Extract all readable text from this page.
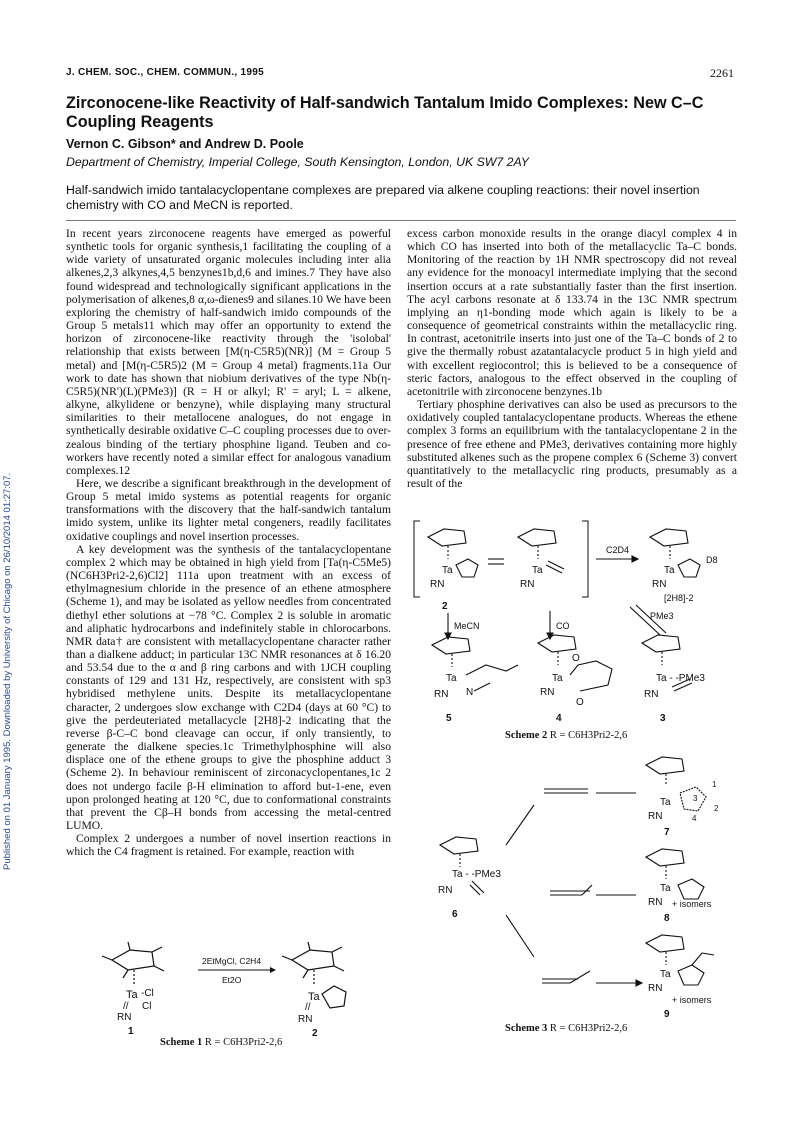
Published on 01 January 1995. Downloaded by University of Chicago on 26/10/2014 01:27:07.
J. CHEM. SOC., CHEM. COMMUN., 1995	2261
Zirconocene-like Reactivity of Half-sandwich Tantalum Imido Complexes: New C–C Coupling Reagents
Vernon C. Gibson* and Andrew D. Poole
Department of Chemistry, Imperial College, South Kensington, London, UK SW7 2AY
Half-sandwich imido tantalacyclopentane complexes are prepared via alkene coupling reactions: their novel insertion chemistry with CO and MeCN is reported.

In recent years zirconocene reagents have emerged as powerful synthetic tools for organic synthesis,1 facilitating the coupling of a wide variety of unsaturated organic molecules including inter alia alkenes,2,3 alkynes,4,5 benzynes1b,d,6 and imines.7 They have also found widespread and technologically significant applications in the polymerisation of alkenes,8 α,ω-dienes9 and silanes.10 We have been exploring the chemistry of half-sandwich imido compounds of the Group 5 metals11 which may offer an opportunity to extend the horizon of zirconocene-like reactivity through the 'isolobal' relationship that exists between [M(η-C5R5)(NR)] (M = Group 5 metal) and [M(η-C5R5)2 (M = Group 4 metal) fragments.11a Our work to date has shown that niobium derivatives of the type Nb(η-C5R5)(NR')(L)(PMe3)] (R = H or alkyl; R' = aryl; L = alkene, alkyne, alkylidene or benzyne), while displaying many structural similarities to their metallocene analogues, do not engage in synthetically desirable oxidative C–C coupling processes due to over-zealous binding of the tertiary phosphine ligand. Teuben and co-workers have recently noted a similar effect for analogous vanadium complexes.12

Here, we describe a significant breakthrough in the development of Group 5 metal imido systems as potential reagents for organic transformations with the discovery that the half-sandwich tantalum imido system, unlike its lighter metal congeners, readily facilitates oxidative couplings and novel insertion processes.

A key development was the synthesis of the tantalacyclopentane complex 2 which may be obtained in high yield from [Ta(η-C5Me5)(NC6H3Pri2-2,6)Cl2] 111a upon treatment with an excess of ethylmagnesium chloride in the presence of an ethene atmosphere (Scheme 1), and may be isolated as yellow needles from concentrated diethyl ether solutions at −78 °C. Complex 2 is soluble in aromatic and aliphatic hydrocarbons and indefinitely stable in chlorocarbons. NMR data† are consistent with metallacyclopentane character rather than a dialkene adduct; in particular 13C NMR resonances at δ 16.20 and 53.54 due to the α and β ring carbons and with 1JCH coupling constants of 129 and 131 Hz, respectively, are consistent with sp3 hybridised methylene units. Despite its metallacyclopentane character, 2 undergoes slow exchange with C2D4 (days at 60 °C) to give the perdeuteriated metallacycle [2H8]-2 indicating that the reverse β-C–C bond cleavage can occur, if only transiently, to generate the dialkene species.1c Trimethylphosphine will also displace one of the ethene groups to give the phosphine adduct 3 (Scheme 2). In behaviour reminiscent of zirconacyclopentanes,1c 2 does not undergo facile β-H elimination to afford but-1-ene, even upon prolonged heating at 120 °C, due to conformational constraints that prevent the Cβ–H bonds from accessing the metal-centred LUMO.

Complex 2 undergoes a number of novel insertion reactions in which the C4 fragment is retained. For example, reaction with

excess carbon monoxide results in the orange diacyl complex 4 in which CO has inserted into both of the metallacyclic Ta–C bonds. Monitoring of the reaction by 1H NMR spectroscopy did not reveal any evidence for the monoacyl intermediate implying that the second insertion occurs at a rate substantially faster than the first insertion. The acyl carbons resonate at δ 133.74 in the 13C NMR spectrum implying an η1-bonding mode which again is likely to be a consequence of geometrical constraints within the metallacyclic ring. In contrast, acetonitrile inserts into just one of the Ta–C bonds of 2 to give the thermally robust azatantalacycle product 5 in high yield and with excellent regiocontrol; this is believed to be a consequence of steric factors, analogous to the effect observed in the coupling of acetonitrile with zirconocene benzynes.1b

Tertiary phosphine derivatives can also be used as precursors to the oxidatively coupled tantalacyclopentane products. Whereas the ethene complex 3 forms an equilibrium with the tantalacyclopentane 2 in the presence of free ethene and PMe3, derivatives containing more highly substituted alkenes such as the propene complex 6 (Scheme 3) convert quantitatively to the metallacyclic ring products, presumably as a result of the

Ta -Cl
Cl
//
RN
1
2EtMgCl, C2H4
Et2O
Ta
//
RN
2
Scheme 1 R = C6H3Pri2-2,6
Ta
RN
2
Ta
RN
C2D4
D8
Ta
RN
[2H8]-2
MeCN	CO
PMe3
Ta
N
RN
5
O
Ta
RN
O
4
Ta - -PMe3
RN
3
Scheme 2 R = C6H3Pri2-2,6
Ta
RN
1
2
3
4
7
Ta - -PMe3
RN
6
Ta
RN + isomers
8
Ta
RN
+ isomers
9
Scheme 3 R = C6H3Pri2-2,6
